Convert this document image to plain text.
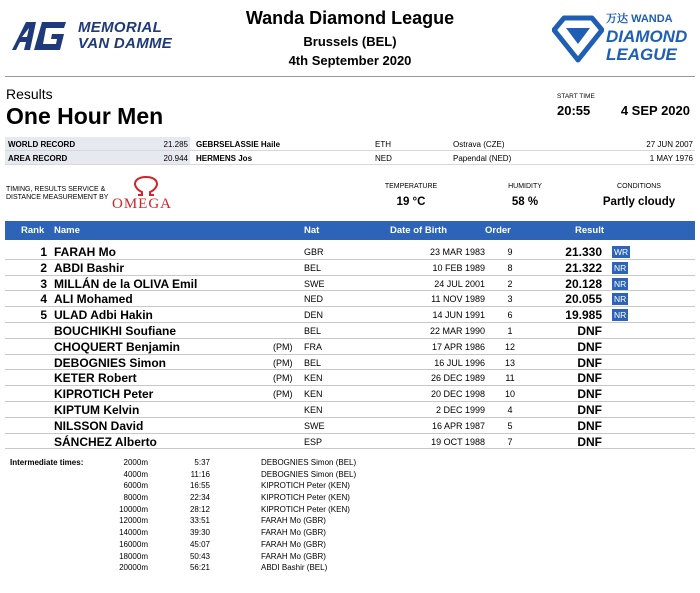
MEMORIAL
VAN DAMME
Wanda Diamond League
Brussels (BEL)
4th September 2020
万达 WANDA
DIAMOND
LEAGUE
Results
One Hour Men
START TIME
20:55 4 SEP 2020
WORLD RECORD	21.285 GEBRSELASSIE Haile	ETH	Ostrava (CZE)	27 JUN 2007
AREA RECORD	20.944 HERMENS Jos	NED	Papendal (NED)	1 MAY 1976
TIMING, RESULTS SERVICE &
DISTANCE MEASUREMENT BY OMEGA
TEMPERATURE
19 °C
HUMIDITY
58 %
CONDITIONS
Partly cloudy
Rank Name	Nat	Date of Birth	Order	Result
1 FARAH Mo	GBR	23 MAR 1983	9	21.330 WR
2 ABDI Bashir	BEL	10 FEB 1989	8	21.322 NR
3 MILLÁN de la OLIVA Emil	SWE	24 JUL 2001	2	20.128 NR
4 ALI Mohamed	NED	11 NOV 1989	3	20.055 NR
5 ULAD Adbi Hakin	DEN	14 JUN 1991	6	19.985 NR
BOUCHIKHI Soufiane	BEL	22 MAR 1990	1	DNF
CHOQUERT Benjamin	(PM) FRA	17 APR 1986	12	DNF
DEBOGNIES Simon	(PM) BEL	16 JUL 1996	13	DNF
KETER Robert	(PM) KEN	26 DEC 1989	11	DNF
KIPROTICH Peter	(PM) KEN	20 DEC 1998	10	DNF
KIPTUM Kelvin	KEN	2 DEC 1999	4	DNF
NILSSON David	SWE	16 APR 1987	5	DNF
SÁNCHEZ Alberto	ESP	19 OCT 1988	7	DNF
Intermediate times:	2000m	5:37	DEBOGNIES Simon (BEL)
4000m	11:16	DEBOGNIES Simon (BEL)
6000m	16:55	KIPROTICH Peter (KEN)
8000m	22:34	KIPROTICH Peter (KEN)
10000m	28:12	KIPROTICH Peter (KEN)
12000m	33:51	FARAH Mo (GBR)
14000m	39:30	FARAH Mo (GBR)
16000m	45:07	FARAH Mo (GBR)
18000m	50:43	FARAH Mo (GBR)
20000m	56:21	ABDI Bashir (BEL)
